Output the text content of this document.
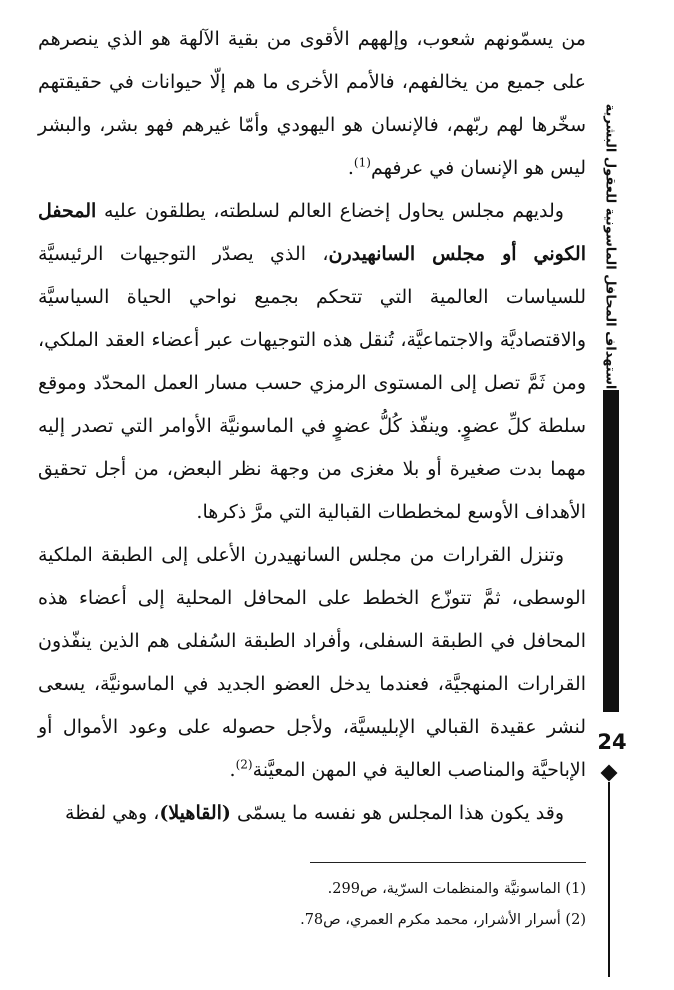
من يسمّونهم شعوب، وإلههم الأقوى من بقية الآلهة هو الذي ينصرهم على جميع من يخالفهم، فالأمم الأخرى ما هم إلّا حيوانات في حقيقتهم سخّرها لهم ربّهم، فالإنسان هو اليهودي وأمّا غيرهم فهو بشر، والبشر ليس هو الإنسان في عرفهم$^{(1)}$.

ولديهم مجلس يحاول إخضاع العالم لسلطته، يطلقون عليه المحفل الكوني أو مجلس السانهيدرن، الذي يصدّر التوجيهات الرئيسيَّة للسياسات العالمية التي تتحكم بجميع نواحي الحياة السياسيَّة والاقتصاديَّة والاجتماعيَّة، تُنقل هذه التوجيهات عبر أعضاء العقد الملكي، ومن ثَمَّ تصل إلى المستوى الرمزي حسب مسار العمل المحدّد وموقع سلطة كلِّ عضوٍ. وينفّذ كُلُّ عضوٍ في الماسونيَّة الأوامر التي تصدر إليه مهما بدت صغيرة أو بلا مغزى من وجهة نظر البعض، من أجل تحقيق الأهداف الأوسع لمخططات القبالية التي مرَّ ذكرها.

وتنزل القرارات من مجلس السانهيدرن الأعلى إلى الطبقة الملكية الوسطى، ثمَّ تتوزّع الخطط على المحافل المحلية إلى أعضاء هذه المحافل في الطبقة السفلى، وأفراد الطبقة السُفلى هم الذين ينفّذون القرارات المنهجيَّة، فعندما يدخل العضو الجديد في الماسونيَّة، يسعى لنشر عقيدة القبالي الإبليسيَّة، ولأجل حصوله على وعود الأموال أو الإباحيَّة والمناصب العالية في المهن المعيَّنة$^{(2)}$.

وقد يكون هذا المجلس هو نفسه ما يسمّى (القاهيلا)، وهي لفظة

(1) الماسونيَّة والمنظمات السرّية، ص299.
(2) أسرار الأشرار، محمد مكرم العمري، ص78.
استهداف المحافل الماسونية للعقول البشرية
24
